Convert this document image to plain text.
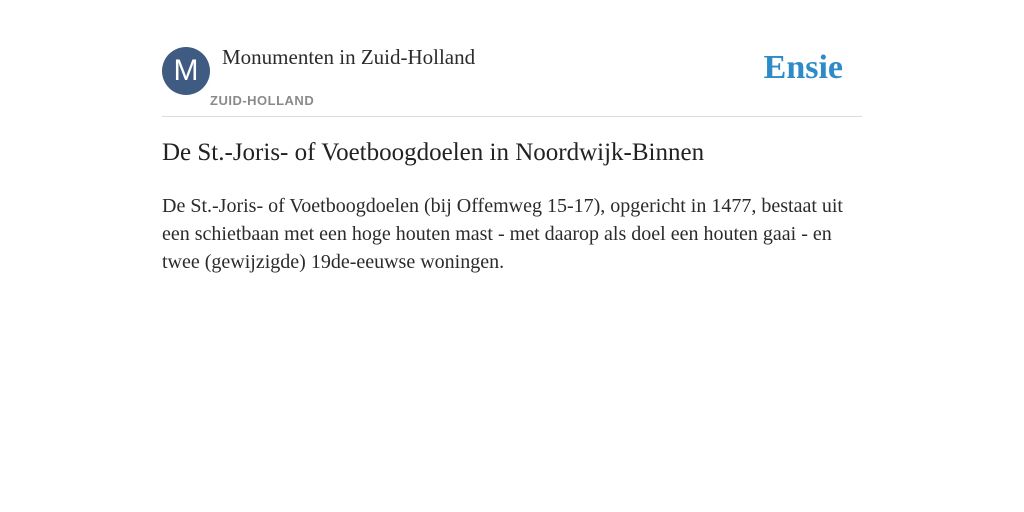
M	Monumenten in Zuid-Holland
ZUID-HOLLAND
Ensie
De St.-Joris- of Voetboogdoelen in Noordwijk-Binnen

De St.-Joris- of Voetboogdoelen (bij Offemweg 15-17), opgericht in 1477, bestaat uit een schietbaan met een hoge houten mast - met daarop als doel een houten gaai - en twee (gewijzigde) 19de-eeuwse woningen.
